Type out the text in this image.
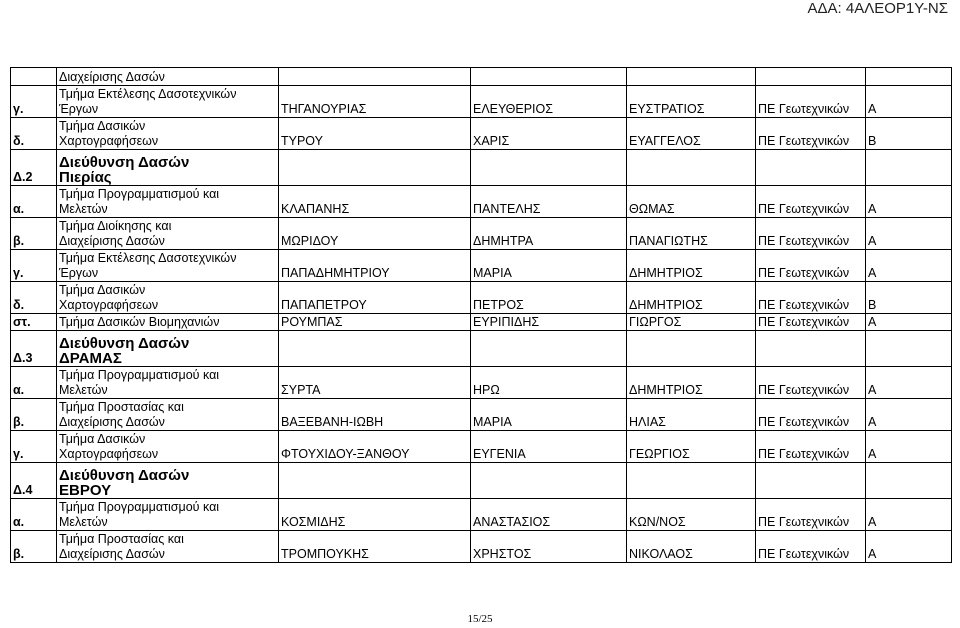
ΑΔΑ: 4ΑΛΕΟΡ1Υ-ΝΣ

	Διαχείρισης Δασών					

γ.	Τμήμα Εκτέλεσης Δασοτεχνικών
Έργων	ΤΗΓΑΝΟΥΡΙΑΣ	ΕΛΕΥΘΕΡΙΟΣ	ΕΥΣΤΡΑΤΙΟΣ	ΠΕ Γεωτεχνικών	Α
δ.	Τμήμα Δασικών
Χαρτογραφήσεων	ΤΥΡΟΥ	ΧΑΡΙΣ	ΕΥΑΓΓΕΛΟΣ	ΠΕ Γεωτεχνικών	Β
Δ.2	Διεύθυνση Δασών
Πιερίας					

α.	Τμήμα Προγραμματισμού και
Μελετών	ΚΛΑΠΑΝΗΣ	ΠΑΝΤΕΛΗΣ	ΘΩΜΑΣ	ΠΕ Γεωτεχνικών	Α
β.	Τμήμα Διοίκησης και
Διαχείρισης Δασών	ΜΩΡΙΔΟΥ	ΔΗΜΗΤΡΑ	ΠΑΝΑΓΙΩΤΗΣ	ΠΕ Γεωτεχνικών	Α
γ.	Τμήμα Εκτέλεσης Δασοτεχνικών
Έργων	ΠΑΠΑΔΗΜΗΤΡΙΟΥ	ΜΑΡΙΑ	ΔΗΜΗΤΡΙΟΣ	ΠΕ Γεωτεχνικών	Α
δ.	Τμήμα Δασικών
Χαρτογραφήσεων	ΠΑΠΑΠΕΤΡΟΥ	ΠΕΤΡΟΣ	ΔΗΜΗΤΡΙΟΣ	ΠΕ Γεωτεχνικών	Β
στ.	Τμήμα Δασικών Βιομηχανιών	ΡΟΥΜΠΑΣ	ΕΥΡΙΠΙΔΗΣ	ΓΙΩΡΓΟΣ	ΠΕ Γεωτεχνικών	Α
Δ.3	Διεύθυνση Δασών
ΔΡΑΜΑΣ					

α.	Τμήμα Προγραμματισμού και
Μελετών	ΣΥΡΤΑ	ΗΡΩ	ΔΗΜΗΤΡΙΟΣ	ΠΕ Γεωτεχνικών	Α
β.	Τμήμα Προστασίας και
Διαχείρισης Δασών	ΒΑΞΕΒΑΝΗ-ΙΩΒΗ	ΜΑΡΙΑ	ΗΛΙΑΣ	ΠΕ Γεωτεχνικών	Α
γ.	Τμήμα Δασικών
Χαρτογραφήσεων	ΦΤΟΥΧΙΔΟΥ-ΞΑΝΘΟΥ	ΕΥΓΕΝΙΑ	ΓΕΩΡΓΙΟΣ	ΠΕ Γεωτεχνικών	Α
Δ.4	Διεύθυνση Δασών
ΕΒΡΟΥ					

α.	Τμήμα Προγραμματισμού και
Μελετών	ΚΟΣΜΙΔΗΣ	ΑΝΑΣΤΑΣΙΟΣ	ΚΩΝ/ΝΟΣ	ΠΕ Γεωτεχνικών	Α
β.	Τμήμα Προστασίας και
Διαχείρισης Δασών	ΤΡΟΜΠΟΥΚΗΣ	ΧΡΗΣΤΟΣ	ΝΙΚΟΛΑΟΣ	ΠΕ Γεωτεχνικών	Α
15/25
